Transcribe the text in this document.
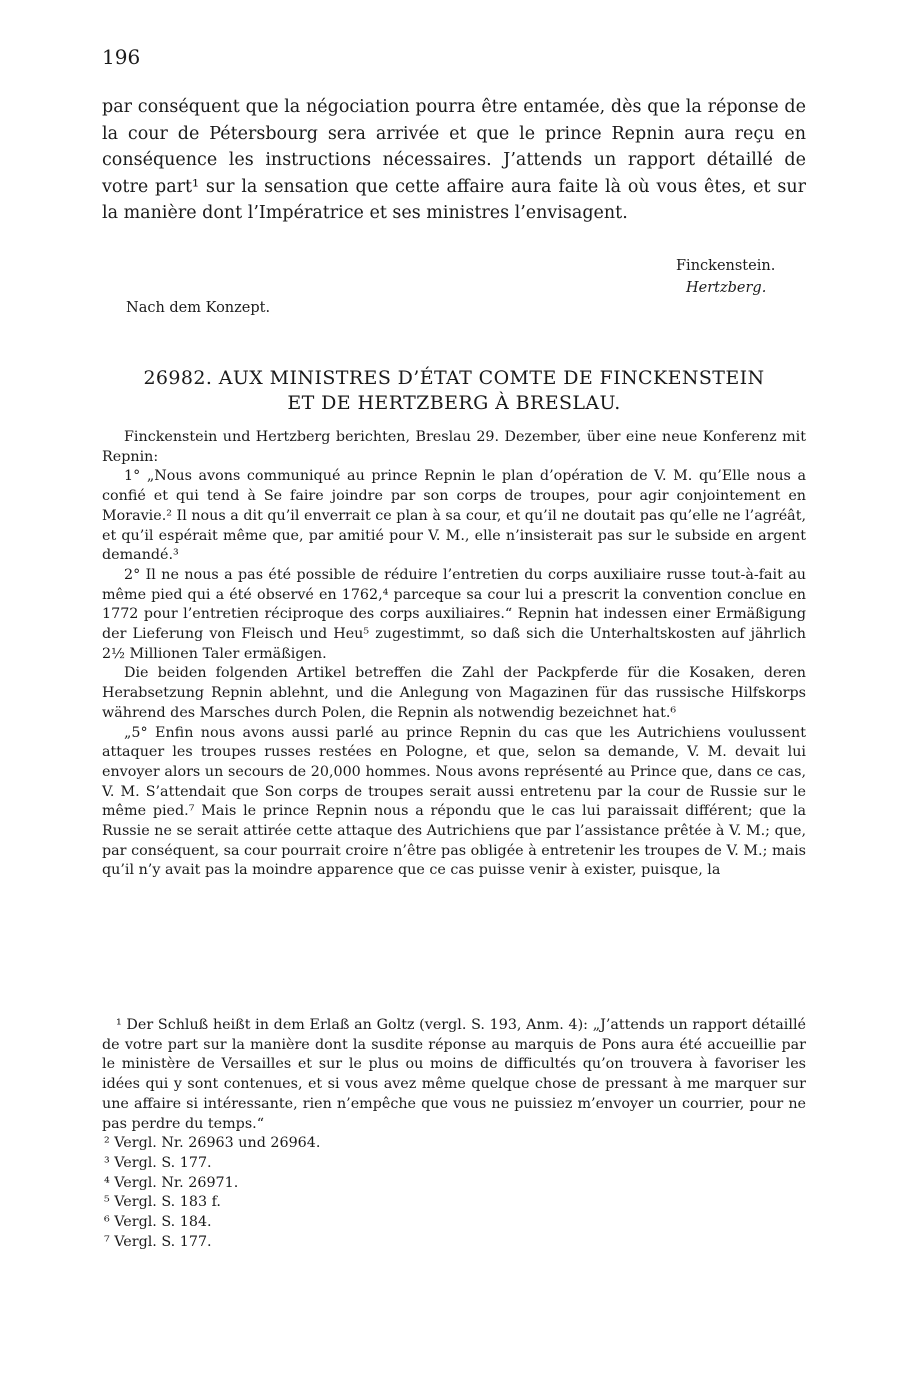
196
par conséquent que la négociation pourra être entamée, dès que la réponse de la cour de Pétersbourg sera arrivée et que le prince Repnin aura reçu en conséquence les instructions nécessaires. J’attends un rapport détaillé de votre part¹ sur la sensation que cette affaire aura faite là où vous êtes, et sur la manière dont l’Impératrice et ses ministres l’envisagent.
Finckenstein.
Hertzberg.
Nach dem Konzept.
26982. AUX MINISTRES D’ÉTAT COMTE DE FINCKENSTEIN
ET DE HERTZBERG À BRESLAU.

Finckenstein und Hertzberg berichten, Breslau 29. Dezember, über eine neue Konferenz mit Repnin:

1° „Nous avons communiqué au prince Repnin le plan d’opération de V. M. qu’Elle nous a confié et qui tend à Se faire joindre par son corps de troupes, pour agir conjointement en Moravie.² Il nous a dit qu’il enverrait ce plan à sa cour, et qu’il ne doutait pas qu’elle ne l’agréât, et qu’il espérait même que, par amitié pour V. M., elle n’insisterait pas sur le subside en argent demandé.³

2° Il ne nous a pas été possible de réduire l’entretien du corps auxiliaire russe tout-à-fait au même pied qui a été observé en 1762,⁴ parceque sa cour lui a prescrit la convention conclue en 1772 pour l’entretien réciproque des corps auxiliaires.“ Repnin hat indessen einer Ermäßigung der Lieferung von Fleisch und Heu⁵ zugestimmt, so daß sich die Unterhaltskosten auf jährlich 2½ Millionen Taler ermäßigen.

Die beiden folgenden Artikel betreffen die Zahl der Packpferde für die Kosaken, deren Herabsetzung Repnin ablehnt, und die Anlegung von Magazinen für das russische Hilfskorps während des Marsches durch Polen, die Repnin als notwendig bezeichnet hat.⁶

„5° Enfin nous avons aussi parlé au prince Repnin du cas que les Autrichiens voulussent attaquer les troupes russes restées en Pologne, et que, selon sa demande, V. M. devait lui envoyer alors un secours de 20,000 hommes. Nous avons représenté au Prince que, dans ce cas, V. M. S’attendait que Son corps de troupes serait aussi entretenu par la cour de Russie sur le même pied.⁷ Mais le prince Repnin nous a répondu que le cas lui paraissait différent; que la Russie ne se serait attirée cette attaque des Autrichiens que par l’assistance prêtée à V. M.; que, par conséquent, sa cour pourrait croire n’être pas obligée à entretenir les troupes de V. M.; mais qu’il n’y avait pas la moindre apparence que ce cas puisse venir à exister, puisque, la

¹ Der Schluß heißt in dem Erlaß an Goltz (vergl. S. 193, Anm. 4): „J’attends un rapport détaillé de votre part sur la manière dont la susdite réponse au marquis de Pons aura été accueillie par le ministère de Versailles et sur le plus ou moins de difficultés qu’on trouvera à favoriser les idées qui y sont contenues, et si vous avez même quelque chose de pressant à me marquer sur une affaire si intéressante, rien n’empêche que vous ne puissiez m’envoyer un courrier, pour ne pas perdre du temps.“

² Vergl. Nr. 26963 und 26964.

³ Vergl. S. 177.

⁴ Vergl. Nr. 26971.

⁵ Vergl. S. 183 f.

⁶ Vergl. S. 184.

⁷ Vergl. S. 177.
